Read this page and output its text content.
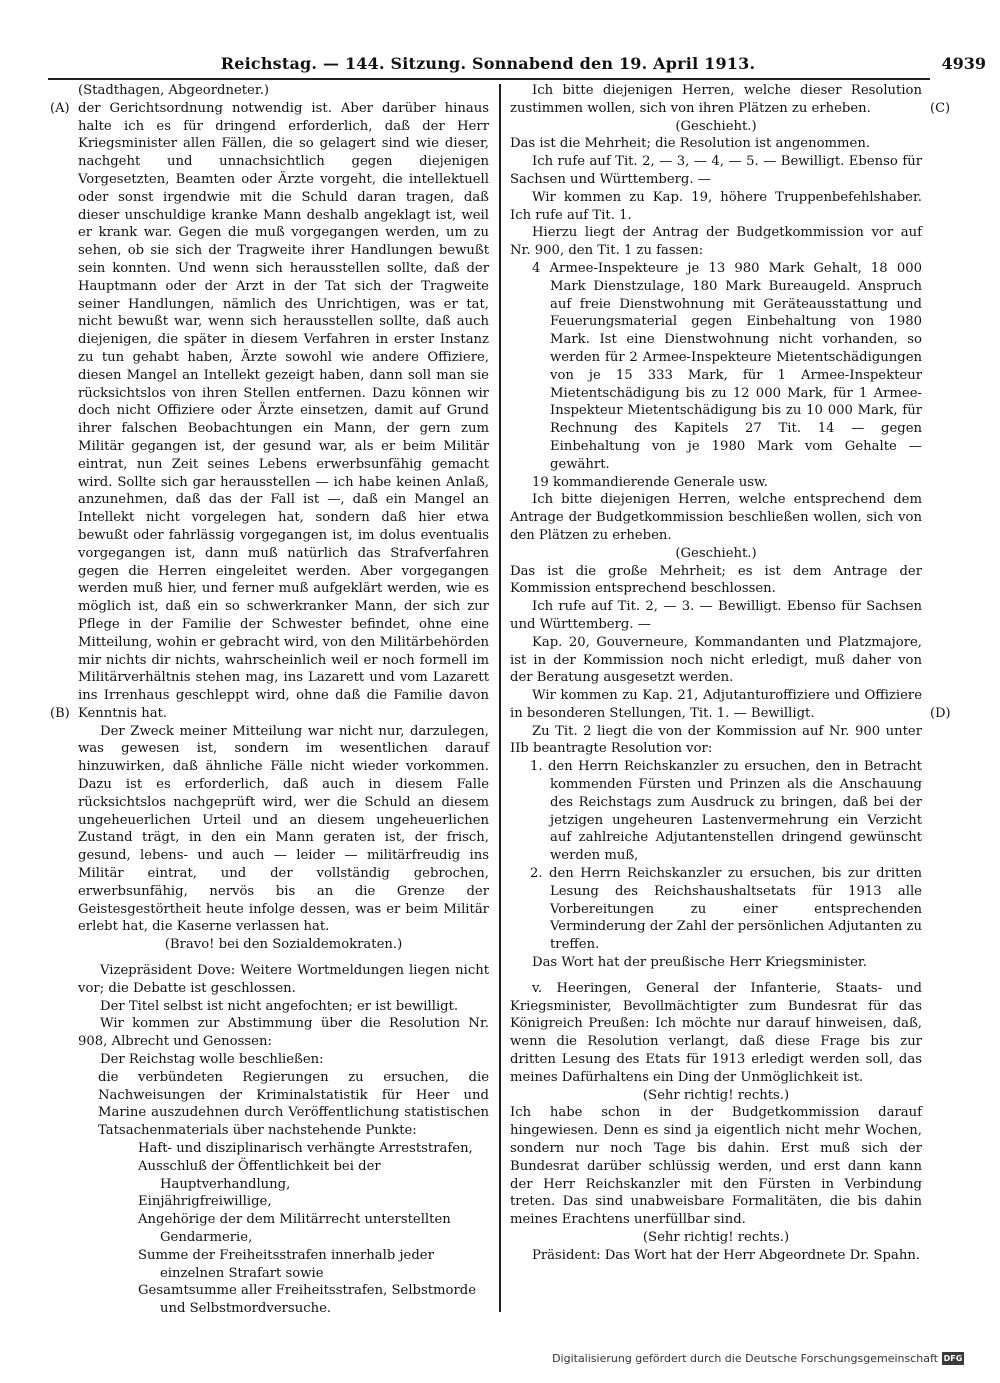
Reichstag. — 144. Sitzung. Sonnabend den 19. April 1913.	4939
(A)
(B)
(C)
(D)

(Stadthagen, Abgeordneter.)

der Gerichtsordnung notwendig ist. Aber darüber hinaus halte ich es für dringend erforderlich, daß der Herr Kriegsminister allen Fällen, die so gelagert sind wie dieser, nachgeht und unnachsichtlich gegen diejenigen Vorgesetzten, Beamten oder Ärzte vorgeht, die intellektuell oder sonst irgendwie mit die Schuld daran tragen, daß dieser unschuldige kranke Mann deshalb angeklagt ist, weil er krank war. Gegen die muß vorgegangen werden, um zu sehen, ob sie sich der Tragweite ihrer Handlungen bewußt sein konnten. Und wenn sich herausstellen sollte, daß der Hauptmann oder der Arzt in der Tat sich der Tragweite seiner Handlungen, nämlich des Unrichtigen, was er tat, nicht bewußt war, wenn sich herausstellen sollte, daß auch diejenigen, die später in diesem Verfahren in erster Instanz zu tun gehabt haben, Ärzte sowohl wie andere Offiziere, diesen Mangel an Intellekt gezeigt haben, dann soll man sie rücksichtslos von ihren Stellen entfernen. Dazu können wir doch nicht Offiziere oder Ärzte einsetzen, damit auf Grund ihrer falschen Beobachtungen ein Mann, der gern zum Militär gegangen ist, der gesund war, als er beim Militär eintrat, nun Zeit seines Lebens erwerbsunfähig gemacht wird. Sollte sich gar herausstellen — ich habe keinen Anlaß, anzunehmen, daß das der Fall ist —, daß ein Mangel an Intellekt nicht vorgelegen hat, sondern daß hier etwa bewußt oder fahrlässig vorgegangen ist, im dolus eventualis vorgegangen ist, dann muß natürlich das Strafverfahren gegen die Herren eingeleitet werden. Aber vorgegangen werden muß hier, und ferner muß aufgeklärt werden, wie es möglich ist, daß ein so schwerkranker Mann, der sich zur Pflege in der Familie der Schwester befindet, ohne eine Mitteilung, wohin er gebracht wird, von den Militärbehörden mir nichts dir nichts, wahrscheinlich weil er noch formell im Militärverhältnis stehen mag, ins Lazarett und vom Lazarett ins Irrenhaus geschleppt wird, ohne daß die Familie davon Kenntnis hat.

Der Zweck meiner Mitteilung war nicht nur, darzulegen, was gewesen ist, sondern im wesentlichen darauf hinzuwirken, daß ähnliche Fälle nicht wieder vorkommen. Dazu ist es erforderlich, daß auch in diesem Falle rücksichtslos nachgeprüft wird, wer die Schuld an diesem ungeheuerlichen Urteil und an diesem ungeheuerlichen Zustand trägt, in den ein Mann geraten ist, der frisch, gesund, lebens- und auch — leider — militärfreudig ins Militär eintrat, und der vollständig gebrochen, erwerbsunfähig, nervös bis an die Grenze der Geistesgestörtheit heute infolge dessen, was er beim Militär erlebt hat, die Kaserne verlassen hat.

(Bravo! bei den Sozialdemokraten.)

Vizepräsident Dove: Weitere Wortmeldungen liegen nicht vor; die Debatte ist geschlossen.

Der Titel selbst ist nicht angefochten; er ist bewilligt.

Wir kommen zur Abstimmung über die Resolution Nr. 908, Albrecht und Genossen:

Der Reichstag wolle beschließen:

die verbündeten Regierungen zu ersuchen, die Nachweisungen der Kriminalstatistik für Heer und Marine auszudehnen durch Veröffentlichung statistischen Tatsachenmaterials über nachstehende Punkte:

Haft- und disziplinarisch verhängte Arreststrafen,

Ausschluß der Öffentlichkeit bei der Hauptverhandlung,

Einjährigfreiwillige,

Angehörige der dem Militärrecht unterstellten Gendarmerie,

Summe der Freiheitsstrafen innerhalb jeder einzelnen Strafart sowie

Gesamtsumme aller Freiheitsstrafen, Selbstmorde und Selbstmordversuche.

Ich bitte diejenigen Herren, welche dieser Resolution zustimmen wollen, sich von ihren Plätzen zu erheben.

(Geschieht.)

Das ist die Mehrheit; die Resolution ist angenommen.

Ich rufe auf Tit. 2, — 3, — 4, — 5. — Bewilligt. Ebenso für Sachsen und Württemberg. —

Wir kommen zu Kap. 19, höhere Truppenbefehlshaber. Ich rufe auf Tit. 1.

Hierzu liegt der Antrag der Budgetkommission vor auf Nr. 900, den Tit. 1 zu fassen:

4 Armee-Inspekteure je 13 980 Mark Gehalt, 18 000 Mark Dienstzulage, 180 Mark Bureaugeld. Anspruch auf freie Dienstwohnung mit Geräteausstattung und Feuerungsmaterial gegen Einbehaltung von 1980 Mark. Ist eine Dienstwohnung nicht vorhanden, so werden für 2 Armee-Inspekteure Mietentschädigungen von je 15 333 Mark, für 1 Armee-Inspekteur Mietentschädigung bis zu 12 000 Mark, für 1 Armee-Inspekteur Mietentschädigung bis zu 10 000 Mark, für Rechnung des Kapitels 27 Tit. 14 — gegen Einbehaltung von je 1980 Mark vom Gehalte — gewährt.

19 kommandierende Generale usw.

Ich bitte diejenigen Herren, welche entsprechend dem Antrage der Budgetkommission beschließen wollen, sich von den Plätzen zu erheben.

(Geschieht.)

Das ist die große Mehrheit; es ist dem Antrage der Kommission entsprechend beschlossen.

Ich rufe auf Tit. 2, — 3. — Bewilligt. Ebenso für Sachsen und Württemberg. —

Kap. 20, Gouverneure, Kommandanten und Platzmajore, ist in der Kommission noch nicht erledigt, muß daher von der Beratung ausgesetzt werden.

Wir kommen zu Kap. 21, Adjutanturoffiziere und Offiziere in besonderen Stellungen, Tit. 1. — Bewilligt.

Zu Tit. 2 liegt die von der Kommission auf Nr. 900 unter IIb beantragte Resolution vor:

1. den Herrn Reichskanzler zu ersuchen, den in Betracht kommenden Fürsten und Prinzen als die Anschauung des Reichstags zum Ausdruck zu bringen, daß bei der jetzigen ungeheuren Lastenvermehrung ein Verzicht auf zahlreiche Adjutantenstellen dringend gewünscht werden muß,

2. den Herrn Reichskanzler zu ersuchen, bis zur dritten Lesung des Reichshaushaltsetats für 1913 alle Vorbereitungen zu einer entsprechenden Verminderung der Zahl der persönlichen Adjutanten zu treffen.

Das Wort hat der preußische Herr Kriegsminister.

v. Heeringen, General der Infanterie, Staats- und Kriegsminister, Bevollmächtigter zum Bundesrat für das Königreich Preußen: Ich möchte nur darauf hinweisen, daß, wenn die Resolution verlangt, daß diese Frage bis zur dritten Lesung des Etats für 1913 erledigt werden soll, das meines Dafürhaltens ein Ding der Unmöglichkeit ist.

(Sehr richtig! rechts.)

Ich habe schon in der Budgetkommission darauf hingewiesen. Denn es sind ja eigentlich nicht mehr Wochen, sondern nur noch Tage bis dahin. Erst muß sich der Bundesrat darüber schlüssig werden, und erst dann kann der Herr Reichskanzler mit den Fürsten in Verbindung treten. Das sind unabweisbare Formalitäten, die bis dahin meines Erachtens unerfüllbar sind.

(Sehr richtig! rechts.)

Präsident: Das Wort hat der Herr Abgeordnete Dr. Spahn.

Digitalisierung gefördert durch die Deutsche Forschungsgemeinschaft DFG
